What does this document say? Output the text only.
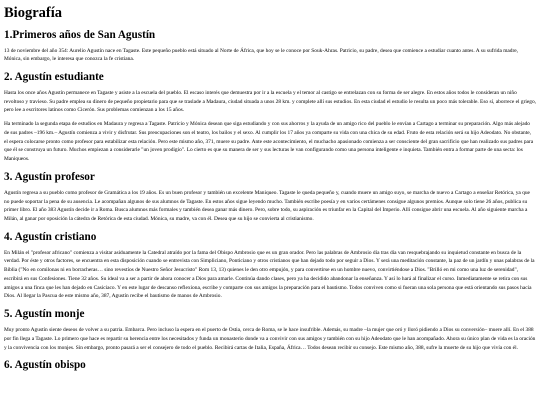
Biografía
1.Primeros años de San Agustín

13 de noviembre del año 354: Aurelio Agustín nace en Tagaste. Este pequeño pueblo está situado al Norte de África, que hoy se le conoce por Souk-Ahras. Patricio, su padre, desea que comience a estudiar cuanto antes. A su sufrida madre, Mónica, sin embargo, le interesa que conozca la fe cristiana.

2. Agustín estudiante

Hasta los once años Agustín permanece en Tagaste y asiste a la escuela del pueblo. El escaso interés que demuestra por ir a la escuela y el temor al castigo se entrelazan con su forma de ser alegre. En estos años todos le consideran un niño revoltoso y travieso. Su padre emplea su dinero de pequeño propietario para que se traslade a Madaura, ciudad situada a unos 28 km. y complete allí sus estudios. En esta ciudad el estudio le resulta un poco más tolerable. Eso sí, aborrece el griego, pero lee a escritores latinos como Cicerón. Sus problemas comienzan a los 15 años.

Ha terminado la segunda etapa de estudios en Madaura y regresa a Tagaste. Patricio y Mónica desean que siga estudiando y con sus ahorros y la ayuda de un amigo rico del pueblo le envían a Cartago a terminar su preparación. Algo más alejado de sus padres –196 km.– Agustín comienza a vivir y disfrutar. Sus preocupaciones son el teatro, los bailos y el sexo. Al cumplir los 17 años ya comparte su vida con una chica de su edad. Fruto de esta relación será su hijo Adeodato. No obstante, el espera colocarse pronto como profesor para estabilizar esta relación. Pero este mismo año, 371, muere su padre. Ante este acontecimiento, el muchacho apasionado comienza a ser consciente del gran sacrificio que han realizado sus padres para que él se construya un futuro. Muchos empiezan a considerarle "un joven prodigio". Lo cierto es que su manera de ser y sus lecturas le van configurando como una persona inteligente e inquieta. También entra a formar parte de una secta: los Maniqueos.

3. Agustín profesor

Agustín regresa a su pueblo como profesor de Gramática a los 19 años. Es un buen profesor y también un excelente Maniqueo. Tagaste le queda pequeño y, cuando muere un amigo suyo, se marcha de nuevo a Cartago a enseñar Retórica, ya que no puede soportar la pena de su ausencia. Le acompañan algunos de sus alumnos de Tagaste. En estos años sigue leyendo mucho. También escribe poesía y en varios certámenes consigue algunos premios. Aunque solo tiene 26 años, publica su primer libro. El año 383 Agustín decide ir a Roma. Busca alumnos más formales y también desea ganar más dinero. Pero, sobre todo, su aspiración es triunfar en la Capital del Imperio. Allí consigue abrir una escuela. Al año siguiente marcha a Milán, al ganar por oposición la cátedra de Retórica de esta ciudad. Mónica, su madre, va con él. Desea que su hijo se convierta al cristianismo.

4. Agustín cristiano

En Milán el "profesor africano" comienza a visitar asiduamente la Catedral atraído por la fama del Obispo Ambrosio que es un gran orador. Pero las palabras de Ambrosio día tras día van resquebrajando su inquietud constante en busca de la verdad. Por éste y otros factores, se encuentra en esta disposición cuando se entrevista con Simpliciano, Ponticiano y otros cristianos que han dejado todo por seguir a Dios. Y será una meditación constante, la paz de un jardín y unas palabras de la Biblia ("No en comilonas ni en borracheras… sino revestíos de Nuestro Señor Jesucristo" Rom 13, 13) quienes le den otro empujón, y para convertirse en un hombre nuevo, convirtiéndose a Dios. "Brilló en mi como una luz de serenidad", escribirá en sus Confesiones. Tiene 32 años. Su ideal va a ser a partir de ahora conocer a Dios para amarle. Continúa dando clases, pero ya ha decidido abandonar la enseñanza. Y así lo hará al finalizar el curso. Inmediatamente se retira con sus amigos a una finca que les han dejado en Casiciaco. Y en este lugar de descanso reflexiona, escribe y comparte con sus amigos la preparación para el bautismo. Todos conviven como si fueran una sola persona que está orientando sus pasos hacia Dios. Al llegar la Pascua de este mismo año, 387, Agustín recibe el bautismo de manos de Ambrosio.

5. Agustín monje

Muy pronto Agustín siente deseos de volver a su patria. Embarca. Pero incluso la espera en el puerto de Ostia, cerca de Roma, se le hace insufrible. Además, su madre –la mujer que oró y lloró pidiendo a Dios su conversión– muere allí. En el 388 por fin llega a Tagaste. Lo primero que hace es repartir su herencia entre los necesitados y funda un monasterio donde va a convivir con sus amigos y también con su hijo Adeodato que le han acompañado. Ahora su único plan de vida es la oración y la convivencia con los monjes. Sin embargo, pronto pasará a ser el consejero de todo el pueblo. Recibirá cartas de Italia, España, África… Todos desean recibir su consejo. Este mismo año, 388, sufre la muerte de su hijo que vivía con él.

6. Agustín obispo
